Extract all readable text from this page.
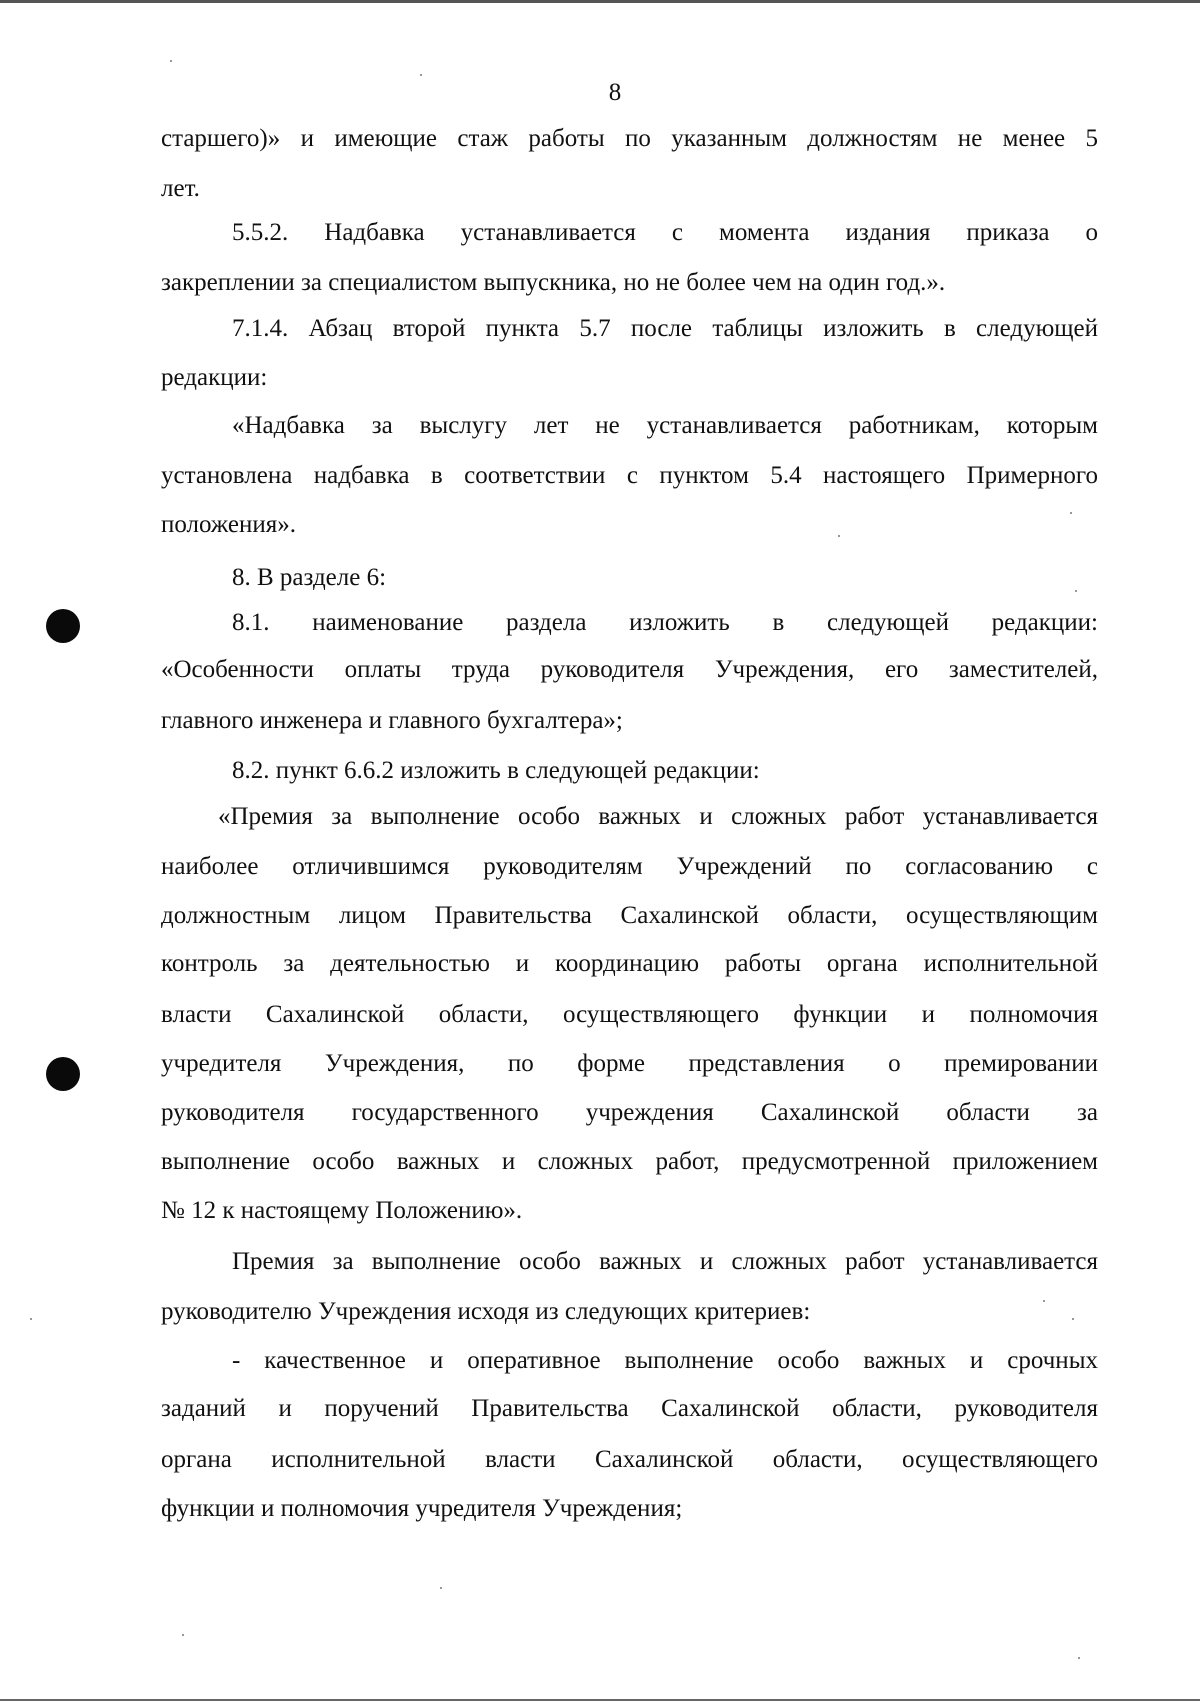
8
старшего)» и имеющие стаж работы по указанным должностям не менее 5
лет.
5.5.2. Надбавка устанавливается с момента издания приказа о
закреплении за специалистом выпускника, но не более чем на один год.».
7.1.4. Абзац второй пункта 5.7 после таблицы изложить в следующей
редакции:
«Надбавка за выслугу лет не устанавливается работникам, которым
установлена надбавка в соответствии с пунктом 5.4 настоящего Примерного
положения».
8. В разделе 6:
8.1. наименование раздела изложить в следующей редакции:
«Особенности оплаты труда руководителя Учреждения, его заместителей,
главного инженера и главного бухгалтера»;
8.2. пункт 6.6.2 изложить в следующей редакции:
«Премия за выполнение особо важных и сложных работ устанавливается
наиболее отличившимся руководителям Учреждений по согласованию с
должностным лицом Правительства Сахалинской области, осуществляющим
контроль за деятельностью и координацию работы органа исполнительной
власти Сахалинской области, осуществляющего функции и полномочия
учредителя Учреждения, по форме представления о премировании
руководителя государственного учреждения Сахалинской области за
выполнение особо важных и сложных работ, предусмотренной приложением
№ 12 к настоящему Положению».
Премия за выполнение особо важных и сложных работ устанавливается
руководителю Учреждения исходя из следующих критериев:
- качественное и оперативное выполнение особо важных и срочных
заданий и поручений Правительства Сахалинской области, руководителя
органа исполнительной власти Сахалинской области, осуществляющего
функции и полномочия учредителя Учреждения;
